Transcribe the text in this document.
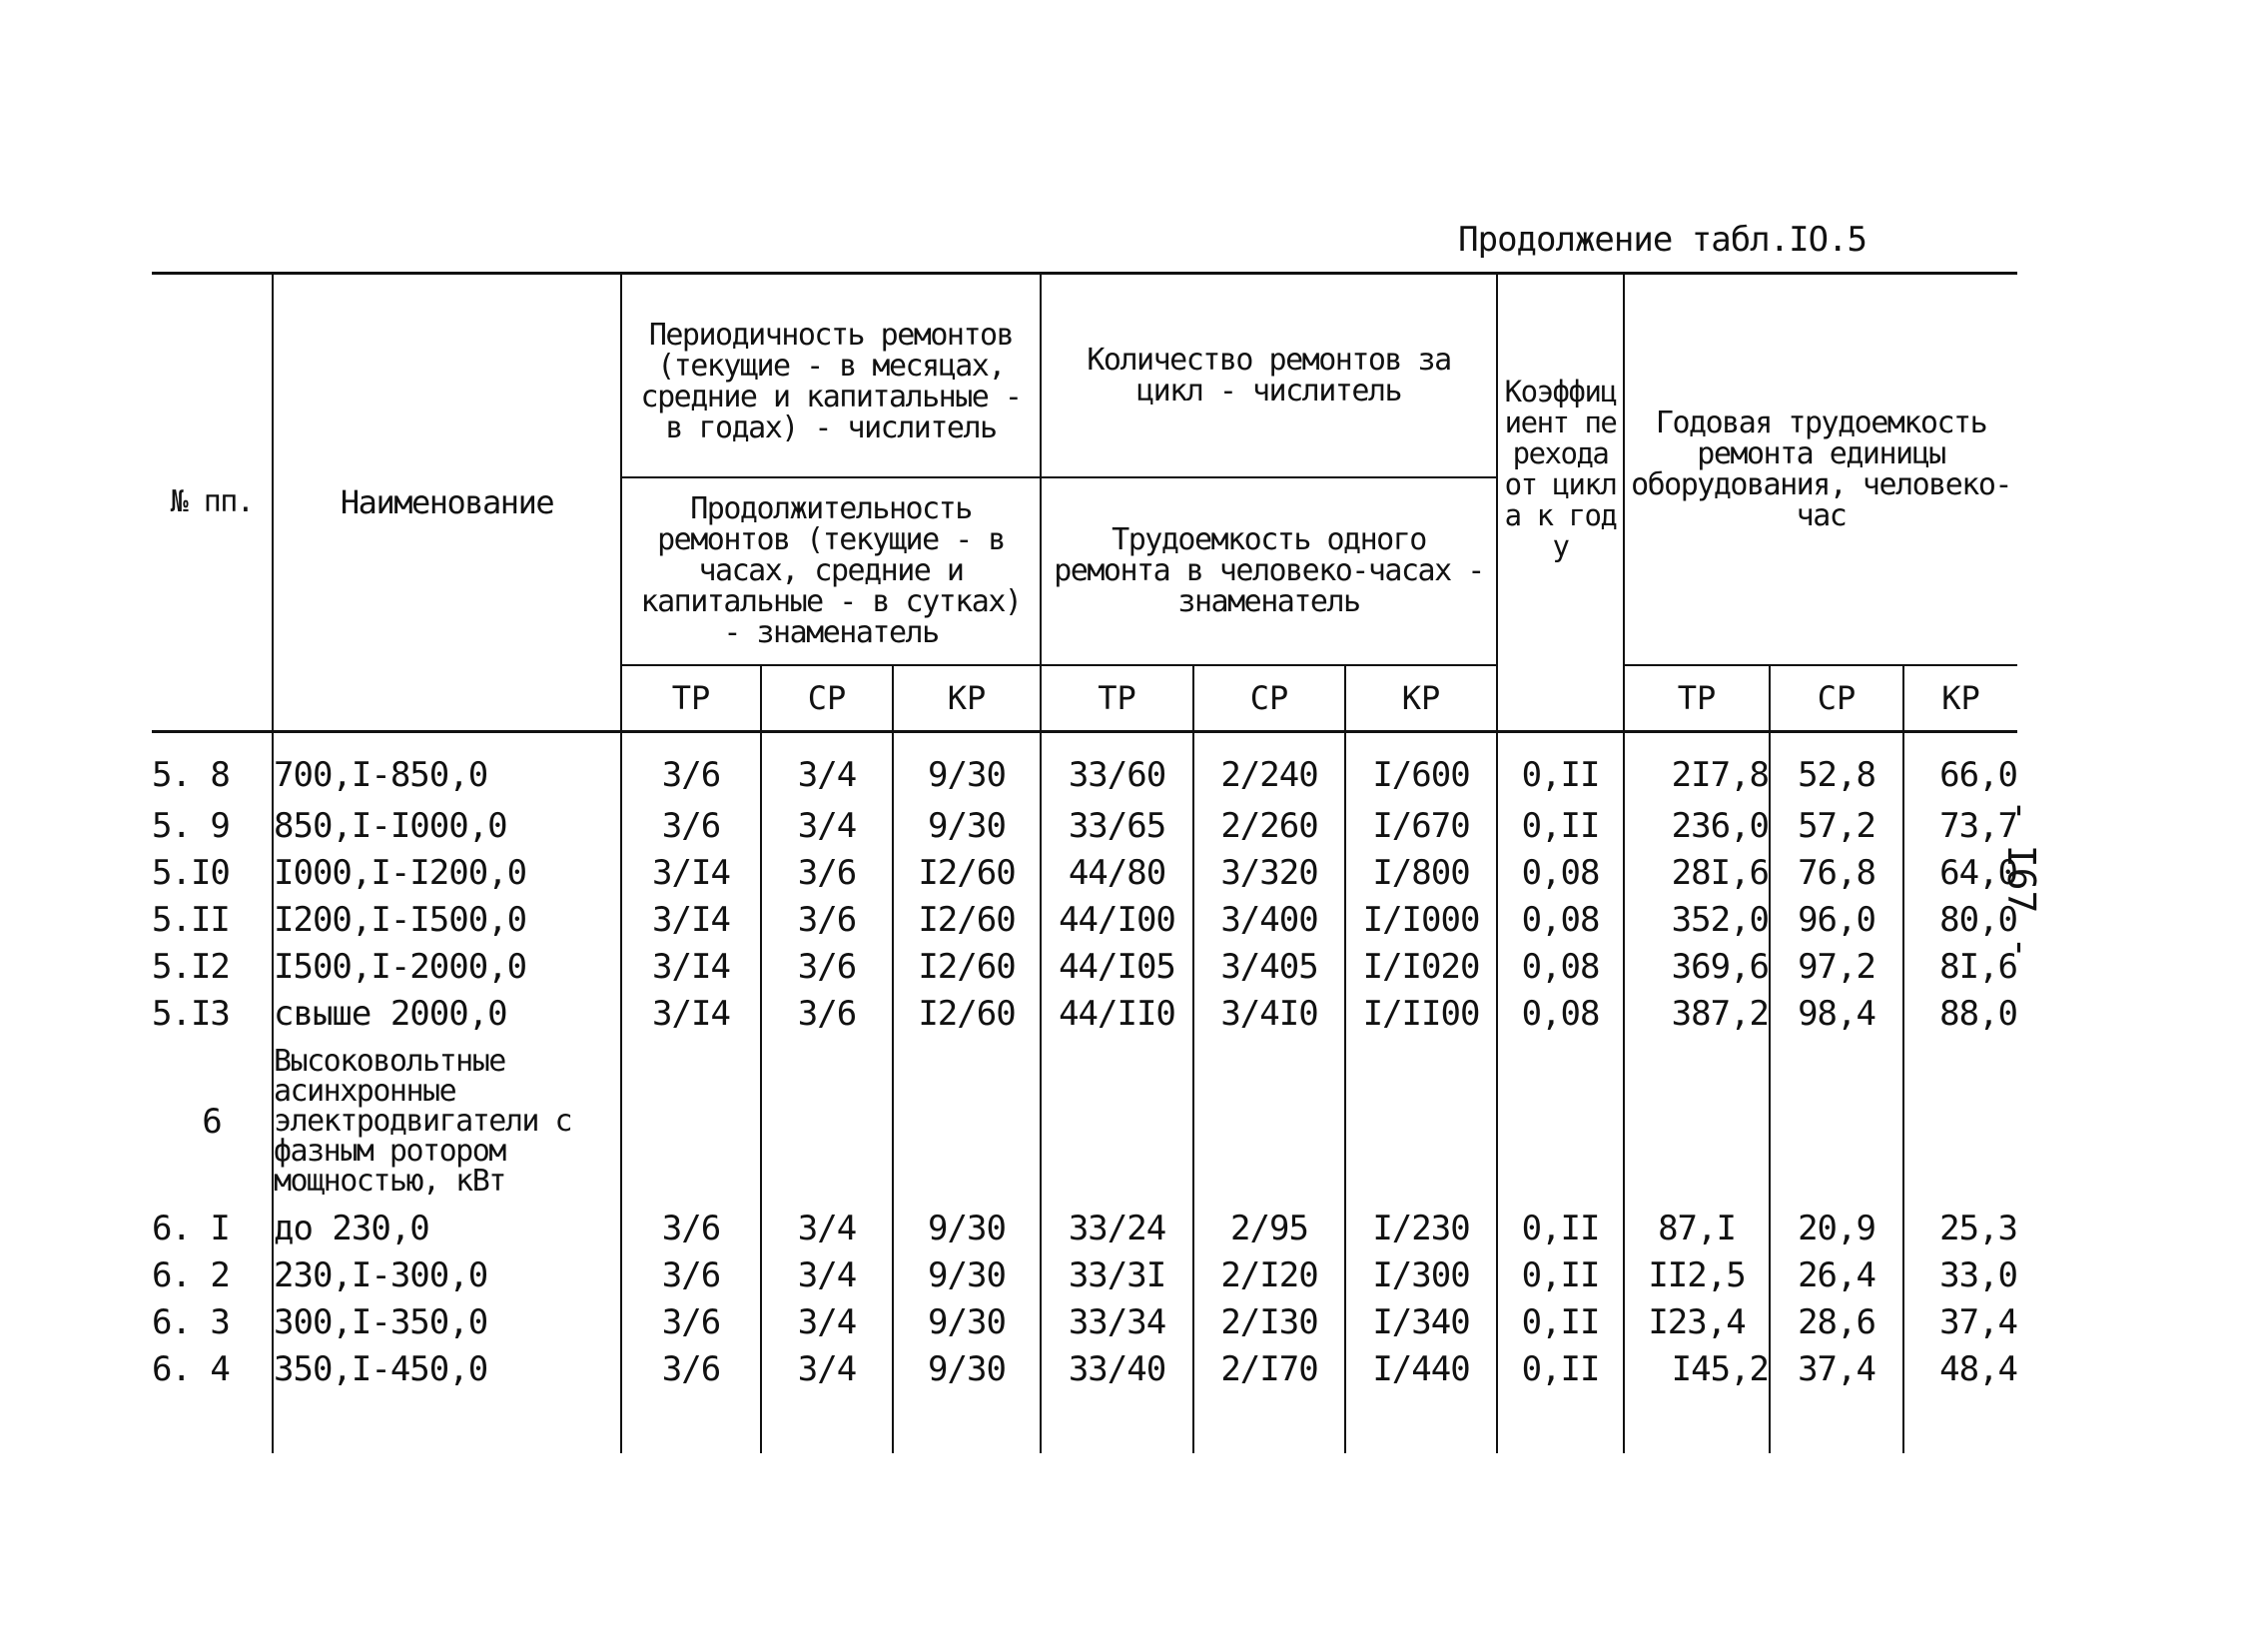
Продолжение табл.IO.5
- I67 -
№ пп.	Наименование	Периодичность ремонтов (текущие - в месяцах, средние и капитальные - в годах) - числитель			Количество ремонтов за цикл - числитель			Коэффициент перехода от цикла к году	Годовая трудоемкость ремонта единицы оборудования, человеко-час		
		Продолжительность ремонтов (текущие - в часах, средние и капитальные - в сутках) - знаменатель			Трудоемкость одного ремонта в человеко-часах - знаменатель						
		ТР	СР	КР	ТР	СР	КР		ТР	СР	КР
5. 8	700,I-850,0	3/6	3/4	9/30	33/60	2/240	I/600	0,II	2I7,8	52,8	66,0
5. 9	850,I-I000,0	3/6	3/4	9/30	33/65	2/260	I/670	0,II	236,0	57,2	73,7
5.I0	I000,I-I200,0	3/I4	3/6	I2/60	44/80	3/320	I/800	0,08	28I,6	76,8	64,0
5.II	I200,I-I500,0	3/I4	3/6	I2/60	44/I00	3/400	I/I000	0,08	352,0	96,0	80,0
5.I2	I500,I-2000,0	3/I4	3/6	I2/60	44/I05	3/405	I/I020	0,08	369,6	97,2	8I,6
5.I3	свыше 2000,0	3/I4	3/6	I2/60	44/II0	3/4I0	I/II00	0,08	387,2	98,4	88,0
6	Высоковольтные асинхронные электродвигатели с фазным ротором мощностью, кВт										
6. I	до 230,0	3/6	3/4	9/30	33/24	2/95	I/230	0,II	87,I	20,9	25,3
6. 2	230,I-300,0	3/6	3/4	9/30	33/3I	2/I20	I/300	0,II	II2,5	26,4	33,0
6. 3	300,I-350,0	3/6	3/4	9/30	33/34	2/I30	I/340	0,II	I23,4	28,6	37,4
6. 4	350,I-450,0	3/6	3/4	9/30	33/40	2/I70	I/440	0,II	I45,2	37,4	48,4
